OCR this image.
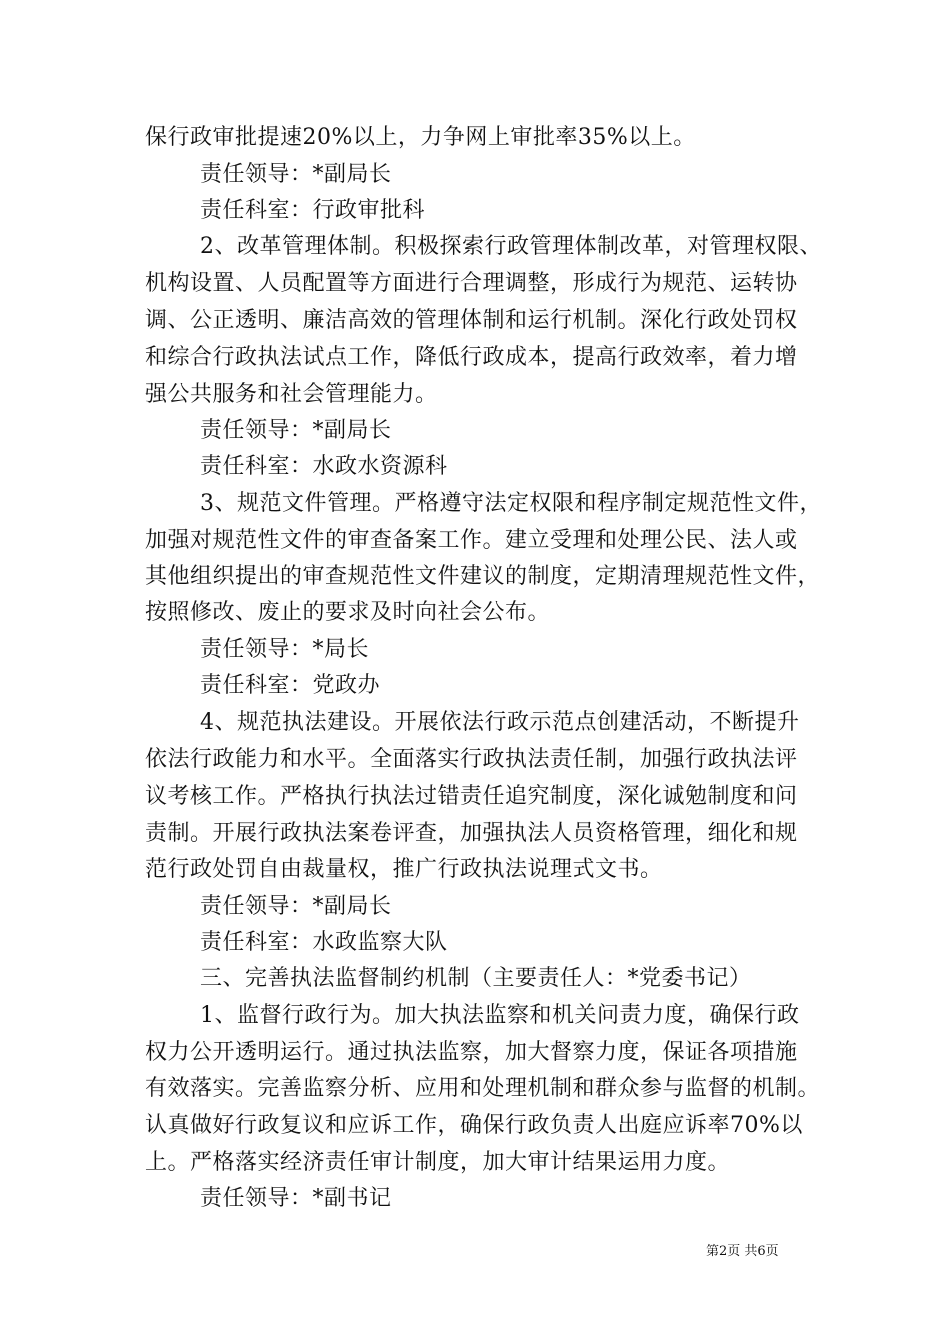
保行政审批提速20%以上，力争网上审批率35%以上。
责任领导：*副局长
责任科室：行政审批科
2、改革管理体制。积极探索行政管理体制改革，对管理权限、
机构设置、人员配置等方面进行合理调整，形成行为规范、运转协
调、公正透明、廉洁高效的管理体制和运行机制。深化行政处罚权
和综合行政执法试点工作，降低行政成本，提高行政效率，着力增
强公共服务和社会管理能力。
责任领导：*副局长
责任科室：水政水资源科
3、规范文件管理。严格遵守法定权限和程序制定规范性文件，
加强对规范性文件的审查备案工作。建立受理和处理公民、法人或
其他组织提出的审查规范性文件建议的制度，定期清理规范性文件，
按照修改、废止的要求及时向社会公布。
责任领导：*局长
责任科室：党政办
4、规范执法建设。开展依法行政示范点创建活动，不断提升
依法行政能力和水平。全面落实行政执法责任制，加强行政执法评
议考核工作。严格执行执法过错责任追究制度，深化诚勉制度和问
责制。开展行政执法案卷评查，加强执法人员资格管理，细化和规
范行政处罚自由裁量权，推广行政执法说理式文书。
责任领导：*副局长
责任科室：水政监察大队
三、完善执法监督制约机制（主要责任人：*党委书记）
1、监督行政行为。加大执法监察和机关问责力度，确保行政
权力公开透明运行。通过执法监察，加大督察力度，保证各项措施
有效落实。完善监察分析、应用和处理机制和群众参与监督的机制。
认真做好行政复议和应诉工作，确保行政负责人出庭应诉率70%以
上。严格落实经济责任审计制度，加大审计结果运用力度。
责任领导：*副书记
第2页 共6页
